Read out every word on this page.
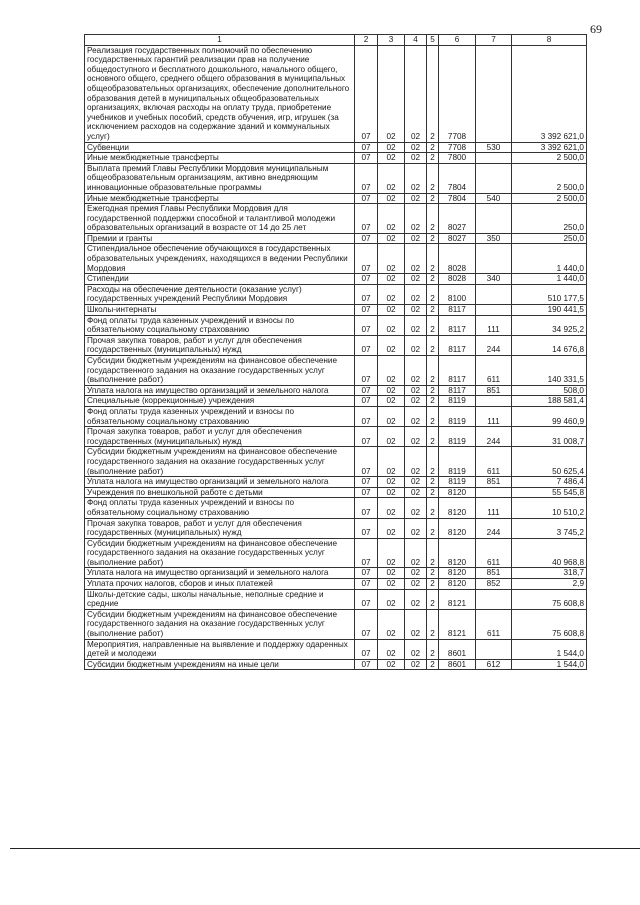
69
1	2	3	4	5	6	7	8
Реализация государственных полномочий по обеспечению государственных гарантий реализации прав на получение общедоступного и бесплатного дошкольного, начального общего, основного общего, среднего общего образования в муниципальных общеобразовательных организациях, обеспечение дополнительного образования детей в муниципальных общеобразовательных организациях, включая расходы на оплату труда, приобретение учебников и учебных пособий, средств обучения, игр, игрушек (за исключением расходов на содержание зданий и коммунальных услуг)	07	02	02	2	7708		3 392 621,0
Субвенции	07	02	02	2	7708	530	3 392 621,0
Иные межбюджетные трансферты	07	02	02	2	7800		2 500,0
Выплата премий Главы Республики Мордовия муниципальным общеобразовательным организациям, активно внедряющим инновационные образовательные программы	07	02	02	2	7804		2 500,0
Иные межбюджетные трансферты	07	02	02	2	7804	540	2 500,0
Ежегодная премия Главы Республики Мордовия для государственной поддержки способной и талантливой молодежи образовательных организаций в возрасте от 14 до 25 лет	07	02	02	2	8027		250,0
Премии и гранты	07	02	02	2	8027	350	250,0
Стипендиальное обеспечение обучающихся в государственных образовательных учреждениях, находящихся в ведении Республики Мордовия	07	02	02	2	8028		1 440,0
Стипендии	07	02	02	2	8028	340	1 440,0
Расходы на обеспечение деятельности (оказание услуг) государственных учреждений Республики Мордовия	07	02	02	2	8100		510 177,5
Школы-интернаты	07	02	02	2	8117		190 441,5
Фонд оплаты труда казенных учреждений и взносы по обязательному социальному страхованию	07	02	02	2	8117	111	34 925,2
Прочая закупка товаров, работ и услуг для обеспечения государственных (муниципальных) нужд	07	02	02	2	8117	244	14 676,8
Субсидии бюджетным учреждениям на финансовое обеспечение государственного задания на оказание государственных услуг (выполнение работ)	07	02	02	2	8117	611	140 331,5
Уплата налога на имущество организаций и земельного налога	07	02	02	2	8117	851	508,0
Специальные (коррекционные) учреждения	07	02	02	2	8119		188 581,4
Фонд оплаты труда казенных учреждений и взносы по обязательному социальному страхованию	07	02	02	2	8119	111	99 460,9
Прочая закупка товаров, работ и услуг для обеспечения государственных (муниципальных) нужд	07	02	02	2	8119	244	31 008,7
Субсидии бюджетным учреждениям на финансовое обеспечение государственного задания на оказание государственных услуг (выполнение работ)	07	02	02	2	8119	611	50 625,4
Уплата налога на имущество организаций и земельного налога	07	02	02	2	8119	851	7 486,4
Учреждения по внешкольной работе с детьми	07	02	02	2	8120		55 545,8
Фонд оплаты труда казенных учреждений и взносы по обязательному социальному страхованию	07	02	02	2	8120	111	10 510,2
Прочая закупка товаров, работ и услуг для обеспечения государственных (муниципальных) нужд	07	02	02	2	8120	244	3 745,2
Субсидии бюджетным учреждениям на финансовое обеспечение государственного задания на оказание государственных услуг (выполнение работ)	07	02	02	2	8120	611	40 968,8
Уплата налога на имущество организаций и земельного налога	07	02	02	2	8120	851	318,7
Уплата прочих налогов, сборов и иных платежей	07	02	02	2	8120	852	2,9
Школы-детские сады, школы начальные, неполные средние и средние	07	02	02	2	8121		75 608,8
Субсидии бюджетным учреждениям на финансовое обеспечение государственного задания на оказание государственных услуг (выполнение работ)	07	02	02	2	8121	611	75 608,8
Мероприятия, направленные на выявление и поддержку одаренных детей и молодежи	07	02	02	2	8601		1 544,0
Субсидии бюджетным учреждениям на иные цели	07	02	02	2	8601	612	1 544,0
